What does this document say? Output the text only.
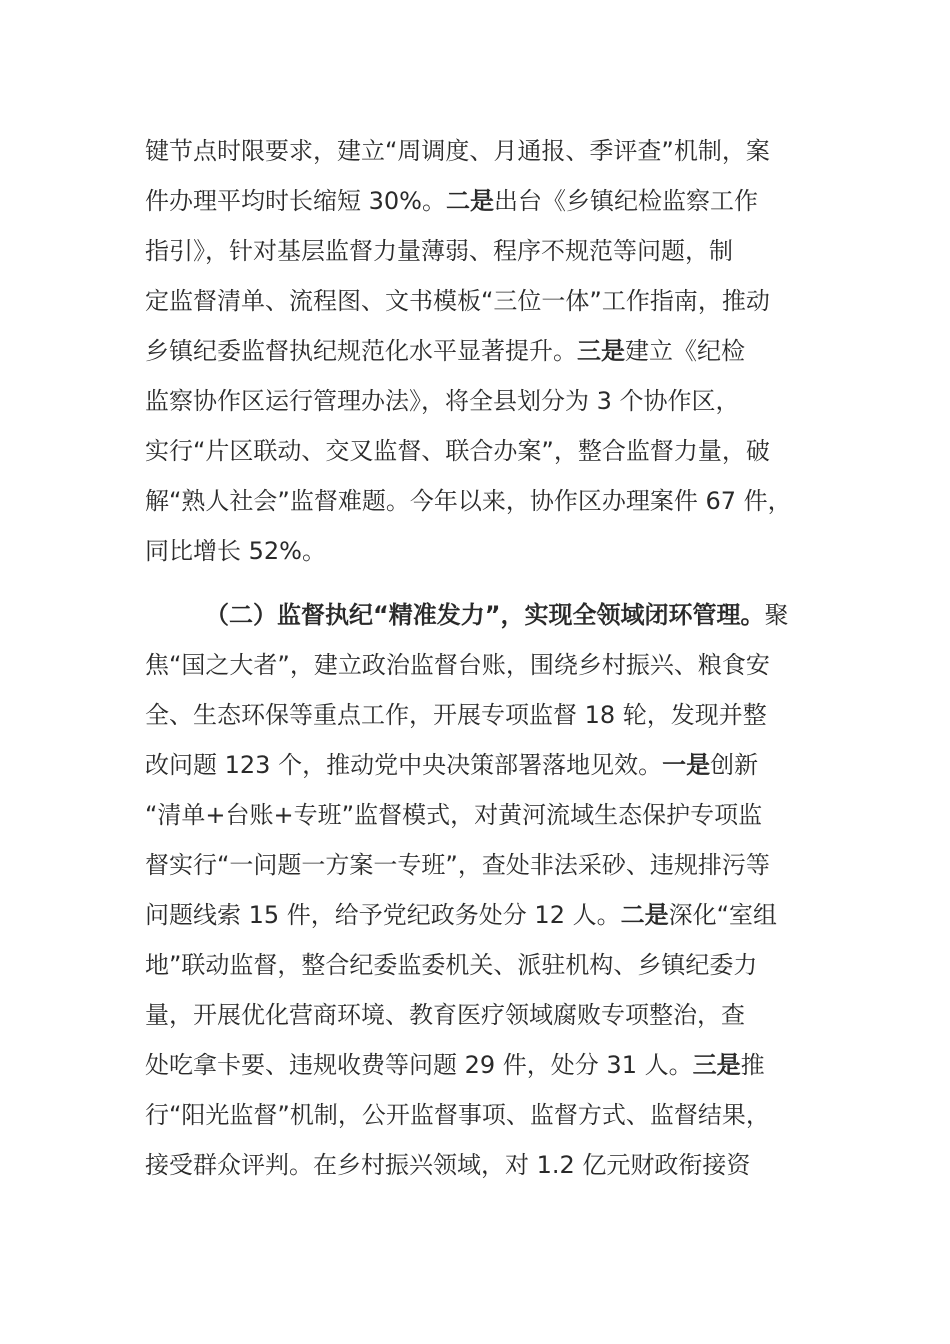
键节点时限要求，建立“周调度、月通报、季评查”机制，案
件办理平均时长缩短 30%。二是出台《乡镇纪检监察工作
指引》，针对基层监督力量薄弱、程序不规范等问题，制
定监督清单、流程图、文书模板“三位一体”工作指南，推动
乡镇纪委监督执纪规范化水平显著提升。三是建立《纪检
监察协作区运行管理办法》，将全县划分为 3 个协作区，
实行“片区联动、交叉监督、联合办案”，整合监督力量，破
解“熟人社会”监督难题。今年以来，协作区办理案件 67 件，
同比增长 52%。
（二）监督执纪“精准发力”，实现全领域闭环管理。聚
焦“国之大者”，建立政治监督台账，围绕乡村振兴、粮食安
全、生态环保等重点工作，开展专项监督 18 轮，发现并整
改问题 123 个，推动党中央决策部署落地见效。一是创新
“清单+台账+专班”监督模式，对黄河流域生态保护专项监
督实行“一问题一方案一专班”，查处非法采砂、违规排污等
问题线索 15 件，给予党纪政务处分 12 人。二是深化“室组
地”联动监督，整合纪委监委机关、派驻机构、乡镇纪委力
量，开展优化营商环境、教育医疗领域腐败专项整治，查
处吃拿卡要、违规收费等问题 29 件，处分 31 人。三是推
行“阳光监督”机制，公开监督事项、监督方式、监督结果，
接受群众评判。在乡村振兴领域，对 1.2 亿元财政衔接资
